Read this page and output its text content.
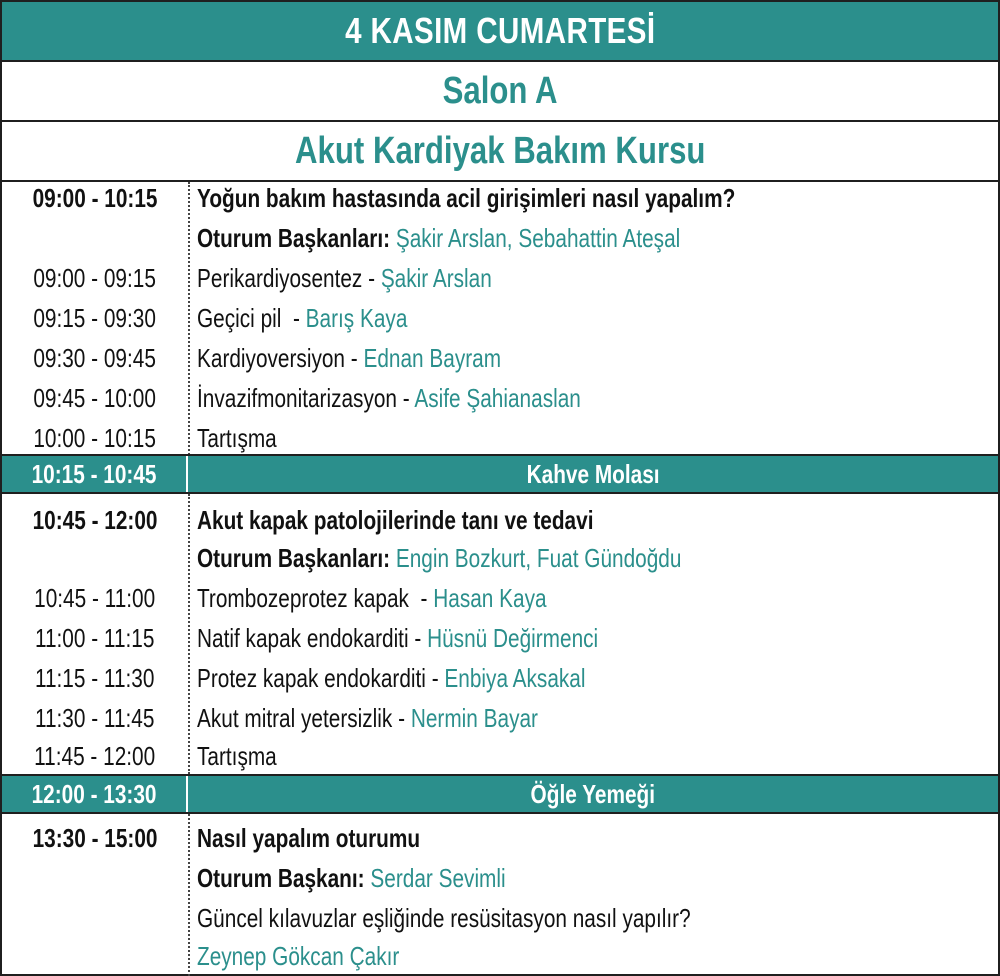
4 KASIM CUMARTESİ
Salon A
Akut Kardiyak Bakım Kursu
09:00 - 10:15 Yoğun bakım hastasında acil girişimleri nasıl yapalım?
Oturum Başkanları: Şakir Arslan, Sebahattin Ateşal
09:00 - 09:15 Perikardiyosentez - Şakir Arslan
09:15 - 09:30 Geçici pil  - Barış Kaya
09:30 - 09:45 Kardiyoversiyon - Ednan Bayram
09:45 - 10:00 İnvazifmonitarizasyon - Asife Şahianaslan
10:00 - 10:15 Tartışma
10:15 - 10:45	Kahve Molası
10:45 - 12:00 Akut kapak patolojilerinde tanı ve tedavi
Oturum Başkanları: Engin Bozkurt, Fuat Gündoğdu
10:45 - 11:00 Trombozeprotez kapak  - Hasan Kaya
11:00 - 11:15 Natif kapak endokarditi - Hüsnü Değirmenci
11:15 - 11:30 Protez kapak endokarditi - Enbiya Aksakal
11:30 - 11:45 Akut mitral yetersizlik - Nermin Bayar
11:45 - 12:00 Tartışma
12:00 - 13:30	Öğle Yemeği
13:30 - 15:00 Nasıl yapalım oturumu
Oturum Başkanı: Serdar Sevimli
Güncel kılavuzlar eşliğinde resüsitasyon nasıl yapılır?
Zeynep Gökcan Çakır
